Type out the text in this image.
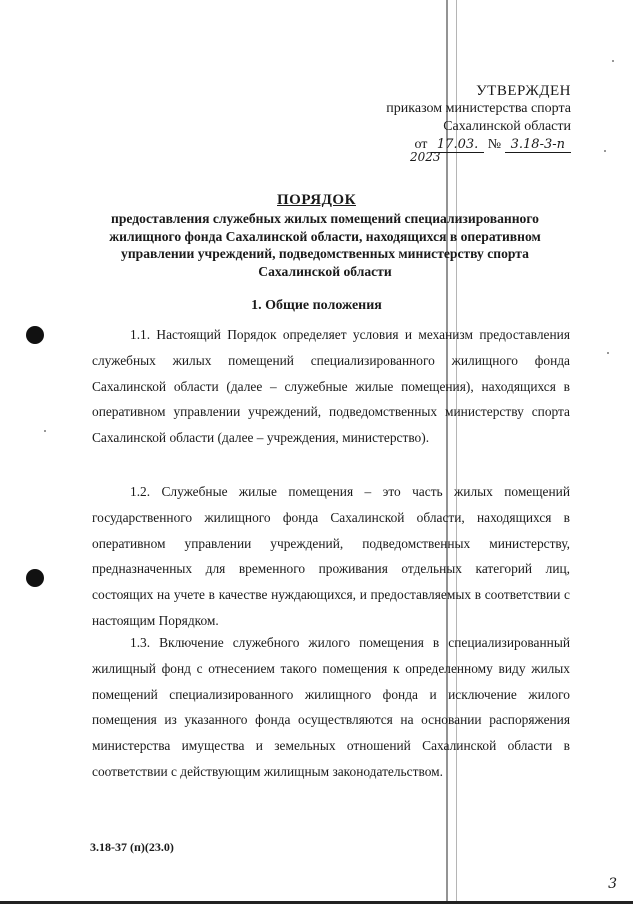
УТВЕРЖДЕН
приказом министерства спорта
Сахалинской области
от 17.03. № 3.18-3-п
2023
ПОРЯДОК
предоставления служебных жилых помещений специализированного жилищного фонда Сахалинской области, находящихся в оперативном управлении учреждений, подведомственных министерству спорта Сахалинской области
1. Общие положения

1.1. Настоящий Порядок определяет условия и механизм предоставления служебных жилых помещений специализированного жилищного фонда Сахалинской области (далее – служебные жилые помещения), находящихся в оперативном управлении учреждений, подведомственных министерству спорта Сахалинской области (далее – учреждения, министерство).

1.2. Служебные жилые помещения – это часть жилых помещений государственного жилищного фонда Сахалинской области, находящихся в оперативном управлении учреждений, подведомственных министерству, предназначенных для временного проживания отдельных категорий лиц, состоящих на учете в качестве нуждающихся, и предоставляемых в соответствии с настоящим Порядком.

1.3. Включение служебного жилого помещения в специализированный жилищный фонд с отнесением такого помещения к определенному виду жилых помещений специализированного жилищного фонда и исключение жилого помещения из указанного фонда осуществляются на основании распоряжения министерства имущества и земельных отношений Сахалинской области в соответствии с действующим жилищным законодательством.

3.18-37 (п)(23.0)
3
